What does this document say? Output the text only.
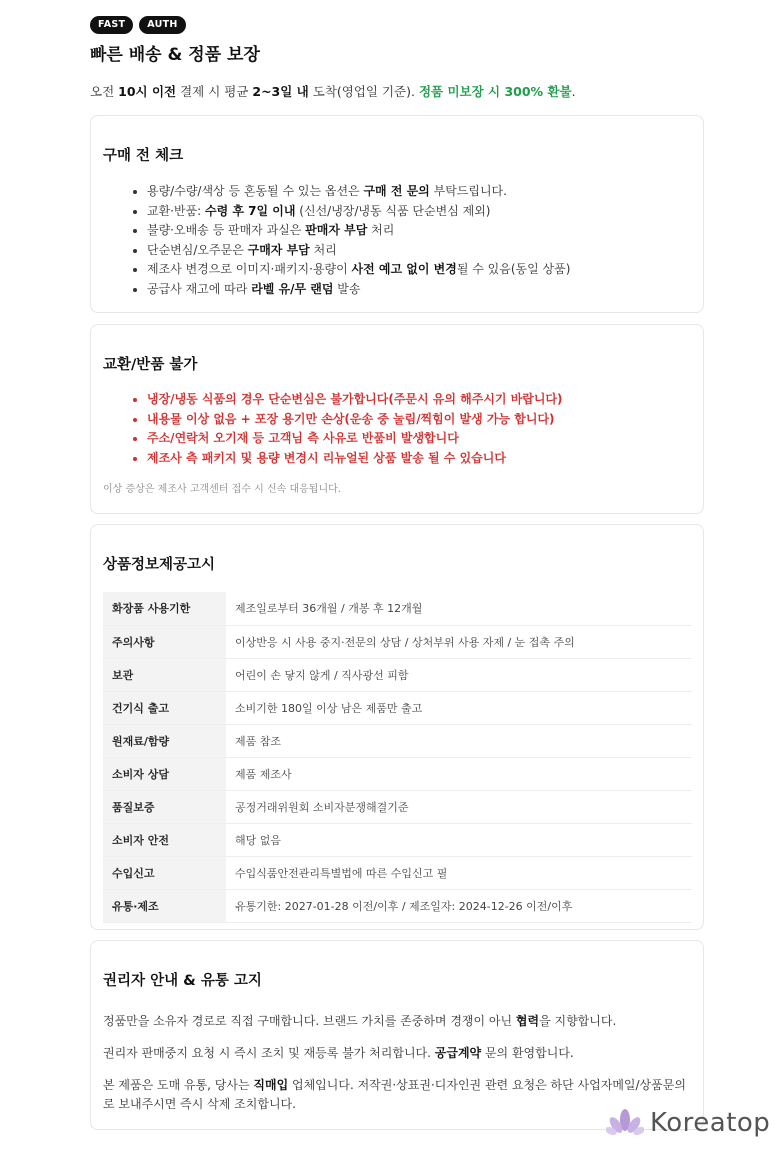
FAST	AUTH
빠른 배송 & 정품 보장

오전 10시 이전 결제 시 평균 2~3일 내 도착(영업일 기준). 정품 미보장 시 300% 환불.

구매 전 체크
• 용량/수량/색상 등 혼동될 수 있는 옵션은 구매 전 문의 부탁드립니다.
• 교환·반품: 수령 후 7일 이내 (신선/냉장/냉동 식품 단순변심 제외)
• 불량·오배송 등 판매자 과실은 판매자 부담 처리
• 단순변심/오주문은 구매자 부담 처리
• 제조사 변경으로 이미지·패키지·용량이 사전 예고 없이 변경될 수 있음(동일 상품)
• 공급사 재고에 따라 라벨 유/무 랜덤 발송
교환/반품 불가
• 냉장/냉동 식품의 경우 단순변심은 불가합니다(주문시 유의 해주시기 바랍니다)
• 내용물 이상 없음 + 포장 용기만 손상(운송 중 눌림/찍힘이 발생 가능 합니다)
• 주소/연락처 오기재 등 고객님 측 사유로 반품비 발생합니다
• 제조사 측 패키지 및 용량 변경시 리뉴얼된 상품 발송 될 수 있습니다

이상 증상은 제조사 고객센터 접수 시 신속 대응됩니다.

상품정보제공고시
화장품 사용기한	제조일로부터 36개월 / 개봉 후 12개월
주의사항	이상반응 시 사용 중지·전문의 상담 / 상처부위 사용 자제 / 눈 접촉 주의
보관	어린이 손 닿지 않게 / 직사광선 피함
건기식 출고	소비기한 180일 이상 남은 제품만 출고
원재료/함량	제품 참조
소비자 상담	제품 제조사
품질보증	공정거래위원회 소비자분쟁해결기준
소비자 안전	해당 없음
수입신고	수입식품안전관리특별법에 따른 수입신고 필
유통·제조	유통기한: 2027-01-28 이전/이후 / 제조일자: 2024-12-26 이전/이후
권리자 안내 & 유통 고지

정품만을 소유자 경로로 직접 구매합니다. 브랜드 가치를 존중하며 경쟁이 아닌 협력을 지향합니다.

권리자 판매중지 요청 시 즉시 조치 및 재등록 불가 처리합니다. 공급계약 문의 환영합니다.

본 제품은 도매 유통, 당사는 직매입 업체입니다. 저작권·상표권·디자인권 관련 요청은 하단 사업자메일/상품문의로 보내주시면 즉시 삭제 조치합니다.

Koreatop
